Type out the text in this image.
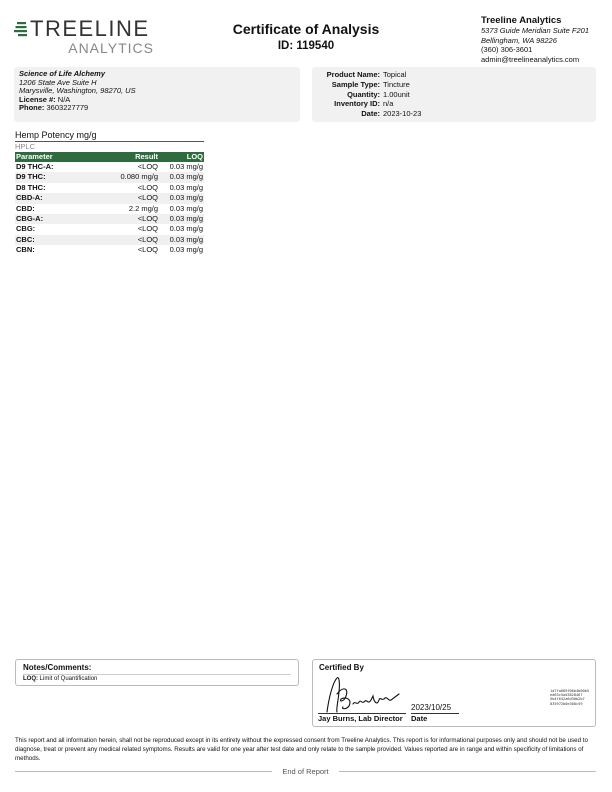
TREELINE
ANALYTICS
Certificate of Analysis
ID: 119540
Treeline Analytics
5373 Guide Meridian Suite F201
Bellingham, WA 98226
(360) 306-3601
admin@treelineanalytics.com
Science of Life Alchemy
1206 State Ave Suite H
Marysville, Washington, 98270, US
License #: N/A
Phone: 3603227779
Product Name: Topical
Sample Type: Tincture
Quantity: 1.00unit
Inventory ID: n/a
Date: 2023-10-23
Hemp Potency mg/g
HPLC
Parameter	Result	LOQ
D9 THC-A:	<LOQ	0.03 mg/g
D9 THC:	0.080 mg/g	0.03 mg/g
D8 THC:	<LOQ	0.03 mg/g
CBD-A:	<LOQ	0.03 mg/g
CBD:	2.2 mg/g	0.03 mg/g
CBG-A:	<LOQ	0.03 mg/g
CBG:	<LOQ	0.03 mg/g
CBC:	<LOQ	0.03 mg/g
CBN:	<LOQ	0.03 mg/g
Notes/Comments:
LOQ: Limit of Quantification
Certified By
Jay Burns, Lab Director
2023/10/25
Date
1d7fa689f06b4b00b5
ed63c5ad3828467
5b4f642a6d30b2b7
035972b0e308c59
This report and all information herein, shall not be reproduced except in its entirety without the expressed consent from Treeline Analytics. This report is for informational purposes only and should not be used to diagnose, treat or prevent any medical related symptoms. Results are valid for one year after test date and only relate to the sample provided. Values reported are in range and within specificity of limitations of methods.
End of Report
